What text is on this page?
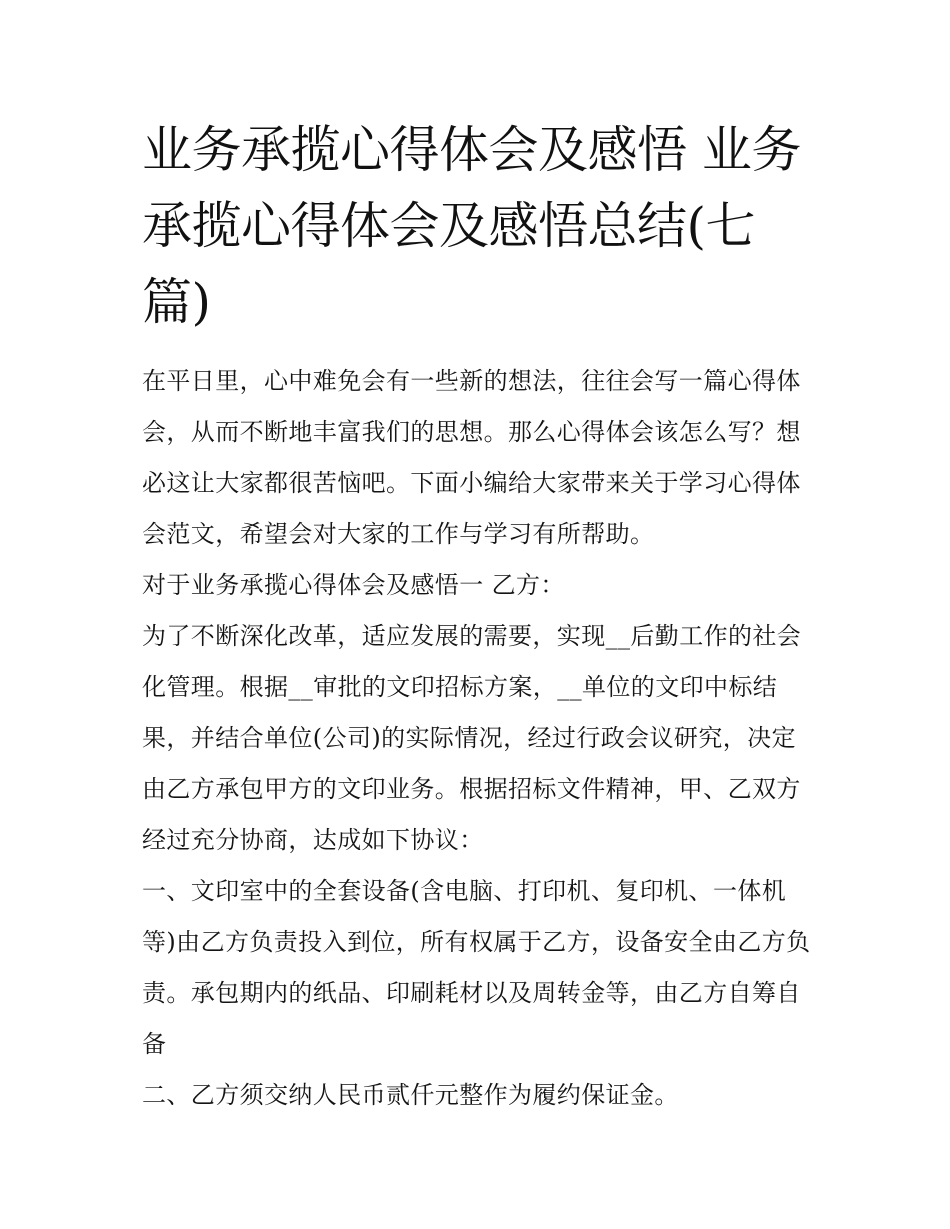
业务承揽心得体会及感悟 业务承揽心得体会及感悟总结(七篇)

在平日里，心中难免会有一些新的想法，往往会写一篇心得体会，从而不断地丰富我们的思想。那么心得体会该怎么写？想必这让大家都很苦恼吧。下面小编给大家带来关于学习心得体会范文，希望会对大家的工作与学习有所帮助。

对于业务承揽心得体会及感悟一 乙方：

为了不断深化改革，适应发展的需要，实现__后勤工作的社会化管理。根据__审批的文印招标方案，__单位的文印中标结果，并结合单位(公司)的实际情况，经过行政会议研究，决定由乙方承包甲方的文印业务。根据招标文件精神，甲、乙双方经过充分协商，达成如下协议：

一、文印室中的全套设备(含电脑、打印机、复印机、一体机等)由乙方负责投入到位，所有权属于乙方，设备安全由乙方负责。承包期内的纸品、印刷耗材以及周转金等，由乙方自筹自备

二、乙方须交纳人民币贰仟元整作为履约保证金。
